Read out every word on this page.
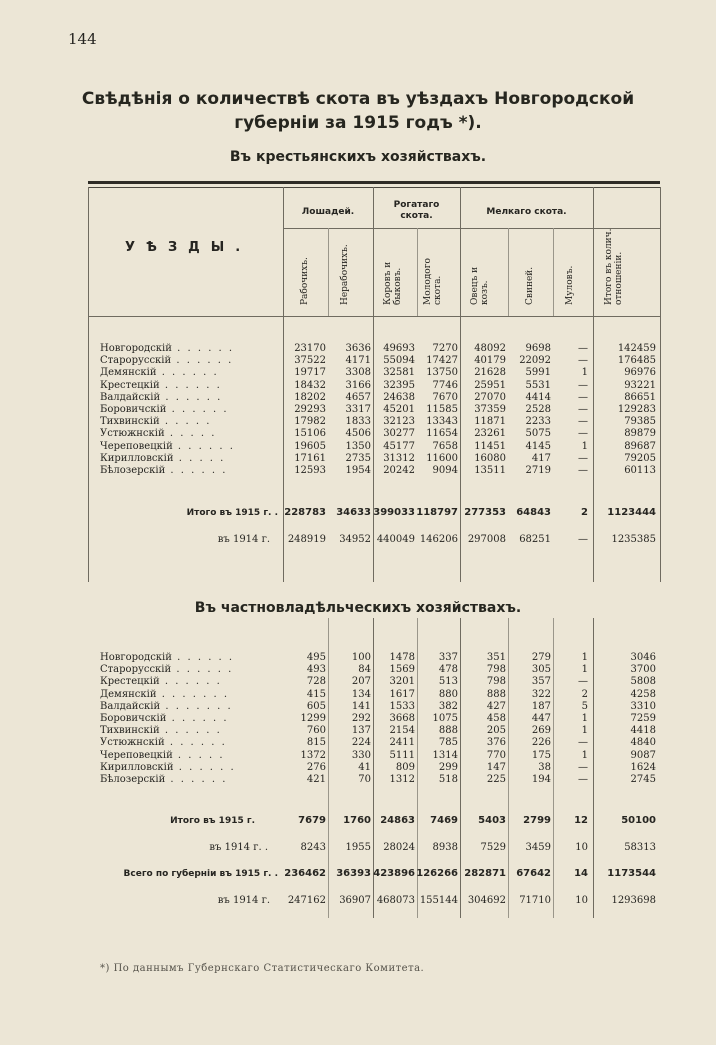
144
Свѣдѣнія о количествѣ скота въ уѣздахъ Новгородской
губерніи за 1915 годъ *).
Въ крестьянскихъ хозяйствахъ.
УѢЗДЫ.
Лошадей.
Рогатаго
скота.	Мелкаго скота.
Рабочихъ.	Нерабочихъ.	Коровъ и быковъ. Молодого скота.	Овецъ и козъ.	Свиней.	Муловъ.	Итого въ колич. отношеніи.
Новгородскій . . . . . .	23170 3636 49693 7270 48092 9698	—	142459
Старорусскій . . . . . .	37522 4171 55094 17427 40179 22092	—	176485
Демянскій . . . . . .	19717 3308 32581 13750 21628 5991	1	96976
Крестецкій . . . . . .	18432 3166 32395 7746 25951 5531	—	93221
Валдайскій . . . . . .	18202 4657 24638 7670 27070 4414	—	86651
Боровичскій . . . . . .	29293 3317 45201 11585 37359 2528	—	129283
Тихвинскій . . . . .	17982 1833 32123 13343 11871 2233	—	79385
Устюжнскій . . . . .	15106 4506 30277 11654 23261 5075	—	89879
Череповецкій . . . . . .	19605 1350 45177 7658 11451 4145	1	89687
Кирилловскій . . . . .	17161 2735 31312 11600 16080	417	—	79205
Бѣлозерскій . . . . . .	12593 1954 20242 9094 13511 2719	—	60113
Итого въ 1915 г. . 228783 34633 399033 118797 277353 64843	2 1123444
въ 1914 г. 248919 34952 440049 146206 297008 68251	— 1235385
Въ частновладѣльческихъ хозяйствахъ.
Новгородскій . . . . . .	495	100 1478 337	351	279	1	3046
Старорусскій . . . . . .	493	84 1569 478	798	305	1	3700
Крестецкій . . . . . .	728	207 3201 513	798	357	—	5808
Демянскій . . . . . . .	415	134 1617 880	888	322	2	4258
Валдайскій . . . . . . .	605	141 1533 382	427	187	5	3310
Боровичскій . . . . . .	1299	292 3668 1075	458	447	1	7259
Тихвинскій . . . . . .	760	137 2154 888	205	269	1	4418
Устюжнскій . . . . . .	815	224 2411 785	376	226	—	4840
Череповецкій . . . . .	1372	330 5111 1314	770	175	1	9087
Кирилловскій . . . . . .	276	41 809 299	147	38	—	1624
Бѣлозерскій . . . . . .	421	70 1312 518	225	194	—	2745
Итого въ 1915 г.	7679 1760 24863 7469 5403 2799 12	50100
въ 1914 г. .	8243 1955 28024 8938 7529 3459 10	58313
Всего по губерніи въ 1915 г. . 236462 36393 423896 126266 282871 67642 14 1173544
въ 1914 г. 247162 36907 468073 155144 304692 71710 10 1293698
*) По даннымъ Губернскаго Статистическаго Комитета.
